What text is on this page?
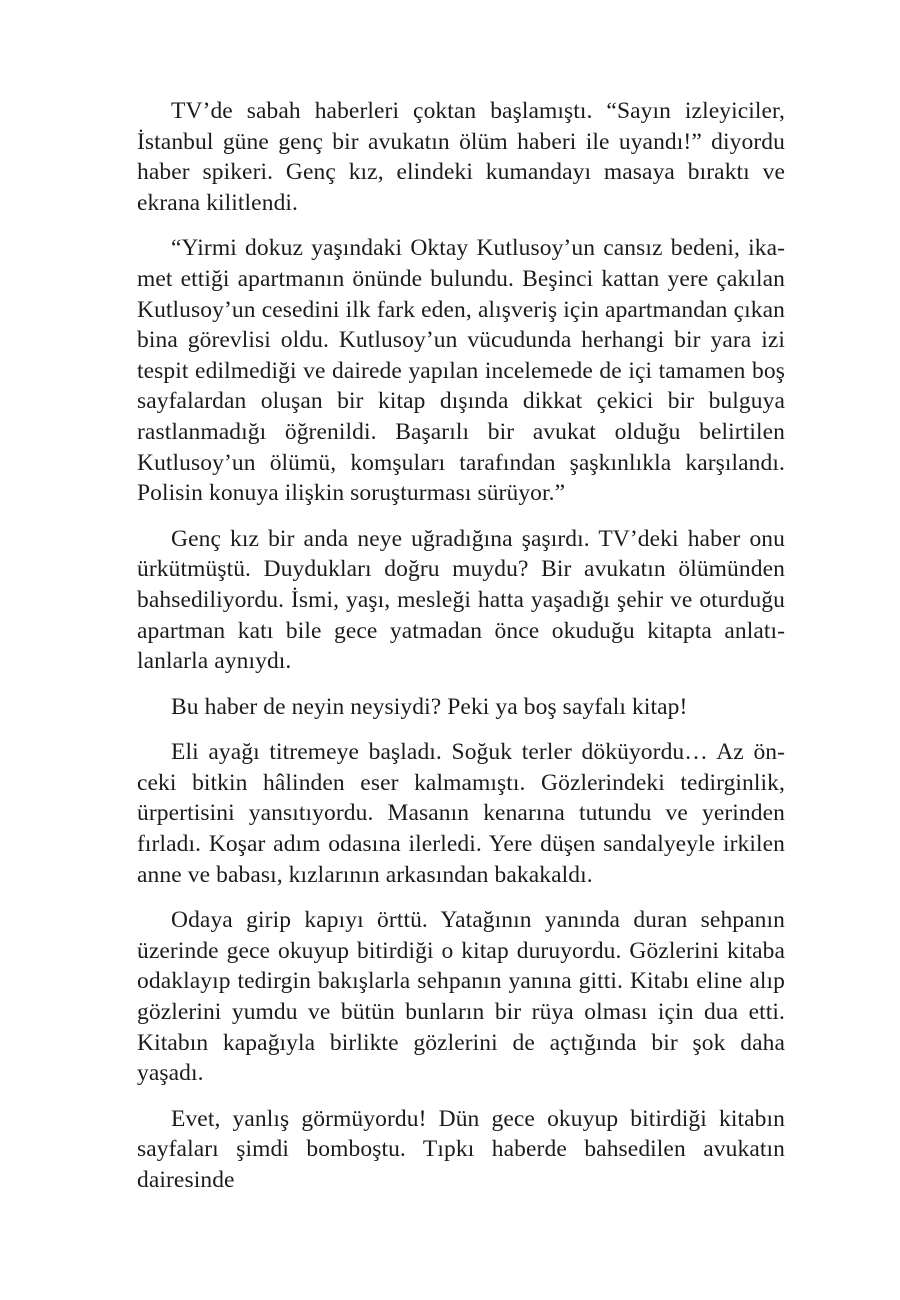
TV’de sabah haberleri çoktan başlamıştı. “Sayın izleyiciler, İstanbul güne genç bir avukatın ölüm haberi ile uyandı!” diyordu haber spikeri. Genç kız, elindeki kumandayı masaya bıraktı ve ekrana kilitlendi.

“Yirmi dokuz yaşındaki Oktay Kutlusoy’un cansız bedeni, ikamet ettiği apartmanın önünde bulundu. Beşinci kattan yere çakılan Kutlusoy’un cesedini ilk fark eden, alışveriş için apartmandan çıkan bina görevlisi oldu. Kutlusoy’un vücudunda herhangi bir yara izi tespit edilmediği ve dairede yapılan incelemede de içi tamamen boş sayfalardan oluşan bir kitap dışında dikkat çekici bir bulguya rastlanmadığı öğrenildi. Başarılı bir avukat olduğu belirtilen Kutlusoy’un ölümü, komşuları tarafından şaşkınlıkla karşılandı. Polisin konuya ilişkin soruşturması sürüyor.”

Genç kız bir anda neye uğradığına şaşırdı. TV’deki haber onu ürkütmüştü. Duydukları doğru muydu? Bir avukatın ölümünden bahsediliyordu. İsmi, yaşı, mesleği hatta yaşadığı şehir ve oturduğu apartman katı bile gece yatmadan önce okuduğu kitapta anlatılanlarla aynıydı.

Bu haber de neyin neysiydi? Peki ya boş sayfalı kitap!

Eli ayağı titremeye başladı. Soğuk terler döküyordu… Az önceki bitkin hâlinden eser kalmamıştı. Gözlerindeki tedirginlik, ürpertisini yansıtıyordu. Masanın kenarına tutundu ve yerinden fırladı. Koşar adım odasına ilerledi. Yere düşen sandalyeyle irkilen anne ve babası, kızlarının arkasından bakakaldı.

Odaya girip kapıyı örttü. Yatağının yanında duran sehpanın üzerinde gece okuyup bitirdiği o kitap duruyordu. Gözlerini kitaba odaklayıp tedirgin bakışlarla sehpanın yanına gitti. Kitabı eline alıp gözlerini yumdu ve bütün bunların bir rüya olması için dua etti. Kitabın kapağıyla birlikte gözlerini de açtığında bir şok daha yaşadı.

Evet, yanlış görmüyordu! Dün gece okuyup bitirdiği kitabın sayfaları şimdi bomboştu. Tıpkı haberde bahsedilen avukatın dairesinde
